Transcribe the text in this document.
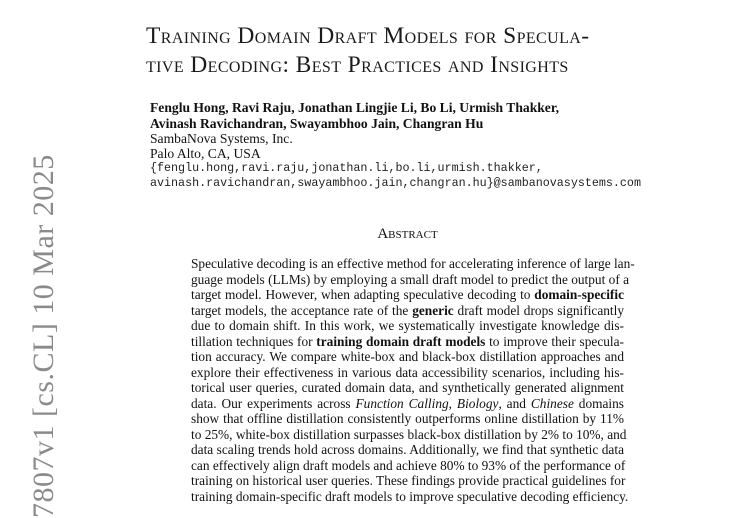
Training Domain Draft Models for Specula-
tive Decoding: Best Practices and Insights
Fenglu Hong, Ravi Raju, Jonathan Lingjie Li, Bo Li, Urmish Thakker,
Avinash Ravichandran, Swayambhoo Jain, Changran Hu
SambaNova Systems, Inc.
Palo Alto, CA, USA
{fenglu.hong,ravi.raju,jonathan.li,bo.li,urmish.thakker,
avinash.ravichandran,swayambhoo.jain,changran.hu}@sambanovasystems.com
7807v1 [cs.CL] 10 Mar 2025	Abstract
Speculative decoding is an effective method for accelerating inference of large lan-
guage models (LLMs) by employing a small draft model to predict the output of a
target model. However, when adapting speculative decoding to domain-specific
target models, the acceptance rate of the generic draft model drops significantly
due to domain shift. In this work, we systematically investigate knowledge dis-
tillation techniques for training domain draft models to improve their specula-
tion accuracy. We compare white-box and black-box distillation approaches and
explore their effectiveness in various data accessibility scenarios, including his-
torical user queries, curated domain data, and synthetically generated alignment
data. Our experiments across Function Calling, Biology, and Chinese domains
show that offline distillation consistently outperforms online distillation by 11%
to 25%, white-box distillation surpasses black-box distillation by 2% to 10%, and
data scaling trends hold across domains. Additionally, we find that synthetic data
can effectively align draft models and achieve 80% to 93% of the performance of
training on historical user queries. These findings provide practical guidelines for
training domain-specific draft models to improve speculative decoding efficiency.
